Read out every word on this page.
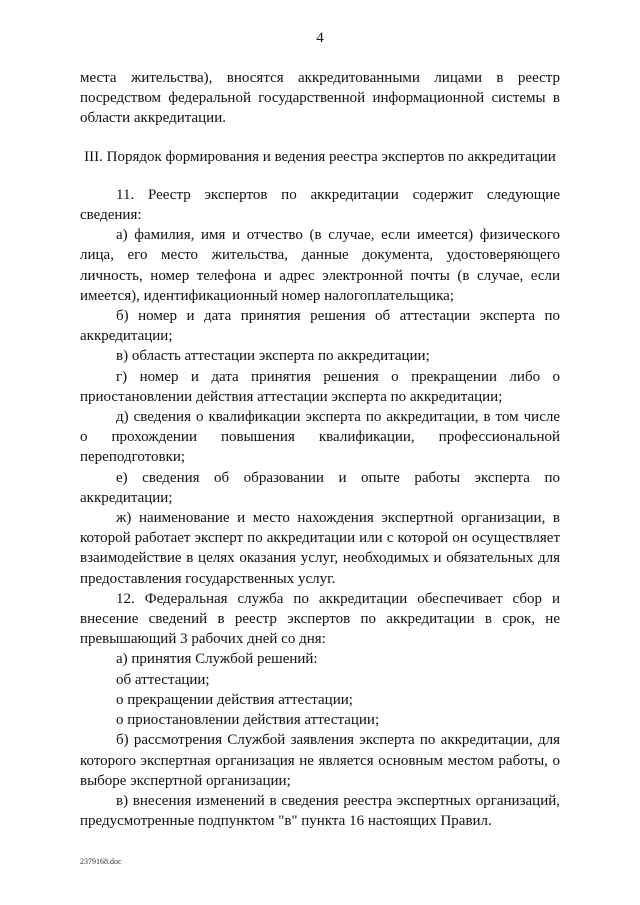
4

места жительства), вносятся аккредитованными лицами в реестр посредством федеральной государственной информационной системы в области аккредитации.

III. Порядок формирования и ведения реестра экспертов по аккредитации

11. Реестр экспертов по аккредитации содержит следующие сведения:

а) фамилия, имя и отчество (в случае, если имеется) физического лица, его место жительства, данные документа, удостоверяющего личность, номер телефона и адрес электронной почты (в случае, если имеется), идентификационный номер налогоплательщика;

б) номер и дата принятия решения об аттестации эксперта по аккредитации;

в) область аттестации эксперта по аккредитации;

г) номер и дата принятия решения о прекращении либо о приостановлении действия аттестации эксперта по аккредитации;

д) сведения о квалификации эксперта по аккредитации, в том числе о прохождении повышения квалификации, профессиональной переподготовки;

е) сведения об образовании и опыте работы эксперта по аккредитации;

ж) наименование и место нахождения экспертной организации, в которой работает эксперт по аккредитации или с которой он осуществляет взаимодействие в целях оказания услуг, необходимых и обязательных для предоставления государственных услуг.

12. Федеральная служба по аккредитации обеспечивает сбор и внесение сведений в реестр экспертов по аккредитации в срок, не превышающий 3 рабочих дней со дня:

а) принятия Службой решений:

об аттестации;

о прекращении действия аттестации;

о приостановлении действия аттестации;

б) рассмотрения Службой заявления эксперта по аккредитации, для которого экспертная организация не является основным местом работы, о выборе экспертной организации;

в) внесения изменений в сведения реестра экспертных организаций, предусмотренные подпунктом "в" пункта 16 настоящих Правил.

2379168.doc
